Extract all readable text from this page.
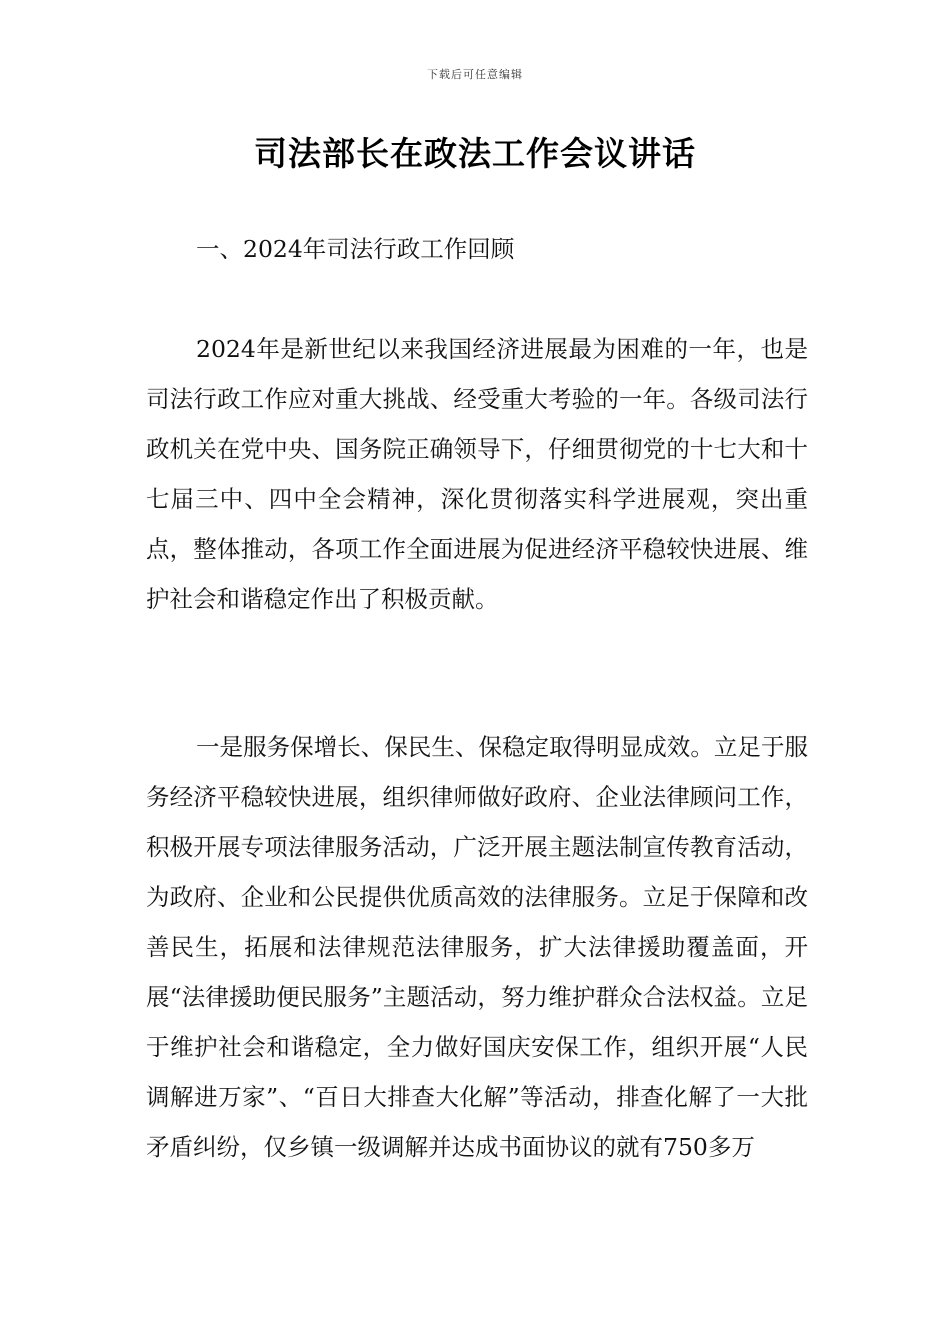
下载后可任意编辑
司法部长在政法工作会议讲话
一、2024年司法行政工作回顾
2024年是新世纪以来我国经济进展最为困难的一年，也是司法行政工作应对重大挑战、经受重大考验的一年。各级司法行政机关在党中央、国务院正确领导下，仔细贯彻党的十七大和十七届三中、四中全会精神，深化贯彻落实科学进展观，突出重点，整体推动，各项工作全面进展为促进经济平稳较快进展、维护社会和谐稳定作出了积极贡献。
一是服务保增长、保民生、保稳定取得明显成效。立足于服务经济平稳较快进展，组织律师做好政府、企业法律顾问工作，积极开展专项法律服务活动，广泛开展主题法制宣传教育活动，为政府、企业和公民提供优质高效的法律服务。立足于保障和改善民生，拓展和法律规范法律服务，扩大法律援助覆盖面，开展“法律援助便民服务”主题活动，努力维护群众合法权益。立足于维护社会和谐稳定，全力做好国庆安保工作，组织开展“人民调解进万家”、“百日大排查大化解”等活动，排查化解了一大批矛盾纠纷，仅乡镇一级调解并达成书面协议的就有750多万
